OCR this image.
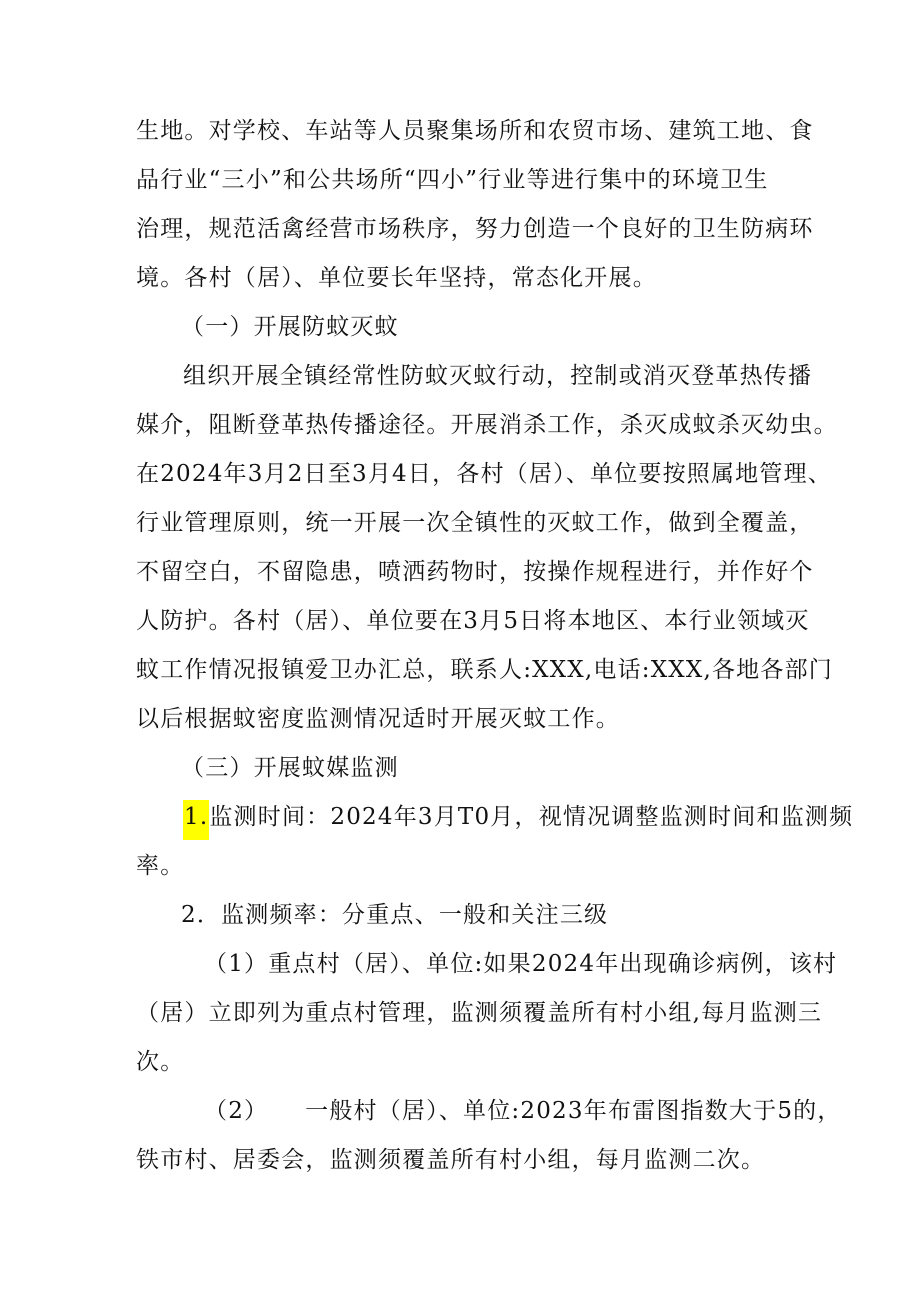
生地。对学校、车站等人员聚集场所和农贸市场、建筑工地、食
品行业“三小”和公共场所“四小”行业等进行集中的环境卫生
治理，规范活禽经营市场秩序，努力创造一个良好的卫生防病环
境。各村（居）、单位要长年坚持，常态化开展。
（一）开展防蚊灭蚊
组织开展全镇经常性防蚊灭蚊行动，控制或消灭登革热传播
媒介，阻断登革热传播途径。开展消杀工作，杀灭成蚊杀灭幼虫。
在2024年3月2日至3月4日，各村（居）、单位要按照属地管理、
行业管理原则，统一开展一次全镇性的灭蚊工作，做到全覆盖，
不留空白，不留隐患，喷洒药物时，按操作规程进行，并作好个
人防护。各村（居）、单位要在3月5日将本地区、本行业领域灭
蚊工作情况报镇爱卫办汇总，联系人:XXX,电话:XXX,各地各部门
以后根据蚊密度监测情况适时开展灭蚊工作。
（三）开展蚊媒监测
1.监测时间：2024年3月T0月，视情况调整监测时间和监测频
率。
2．监测频率：分重点、一般和关注三级
（1）重点村（居）、单位:如果2024年出现确诊病例，该村
（居）立即列为重点村管理，监测须覆盖所有村小组,每月监测三
次。
（2）　　一般村（居）、单位:2023年布雷图指数大于5的，
铁市村、居委会，监测须覆盖所有村小组，每月监测二次。
